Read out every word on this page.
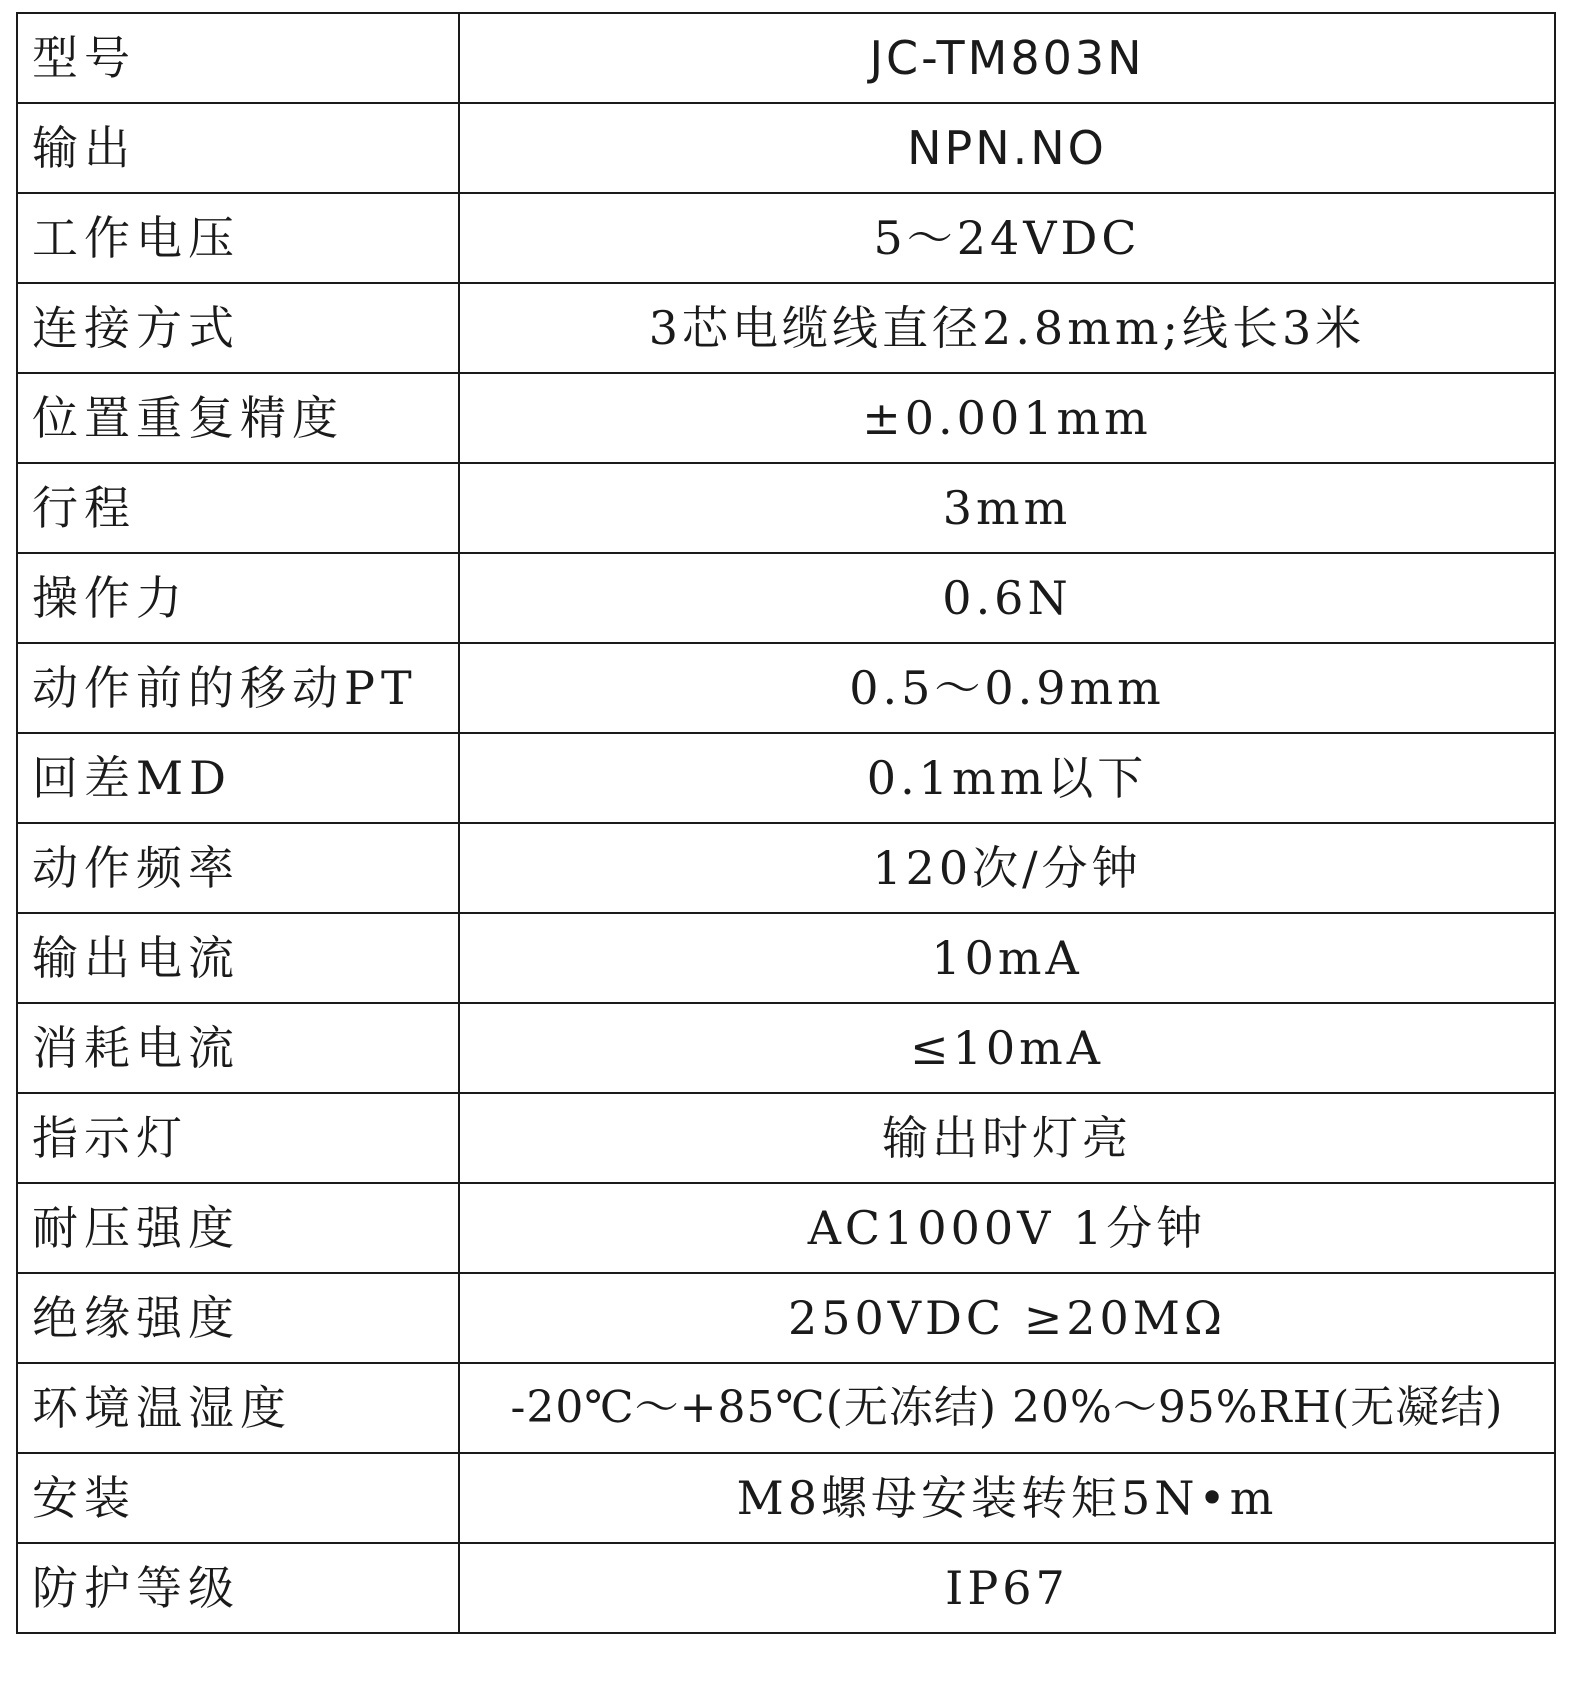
型号	JC-TM803N
输出	NPN.NO
工作电压	5～24VDC
连接方式	3芯电缆线直径2.8mm;线长3米
位置重复精度	±0.001mm
行程	3mm
操作力	0.6N
动作前的移动PT	0.5～0.9mm
回差MD	0.1mm以下
动作频率	120次/分钟
输出电流	10mA
消耗电流	≤10mA
指示灯	输出时灯亮
耐压强度	AC1000V 1分钟
绝缘强度	250VDC ≥20MΩ
环境温湿度	-20℃～+85℃(无冻结) 20%～95%RH(无凝结)
安装	M8螺母安装转矩5N•m
防护等级	IP67
